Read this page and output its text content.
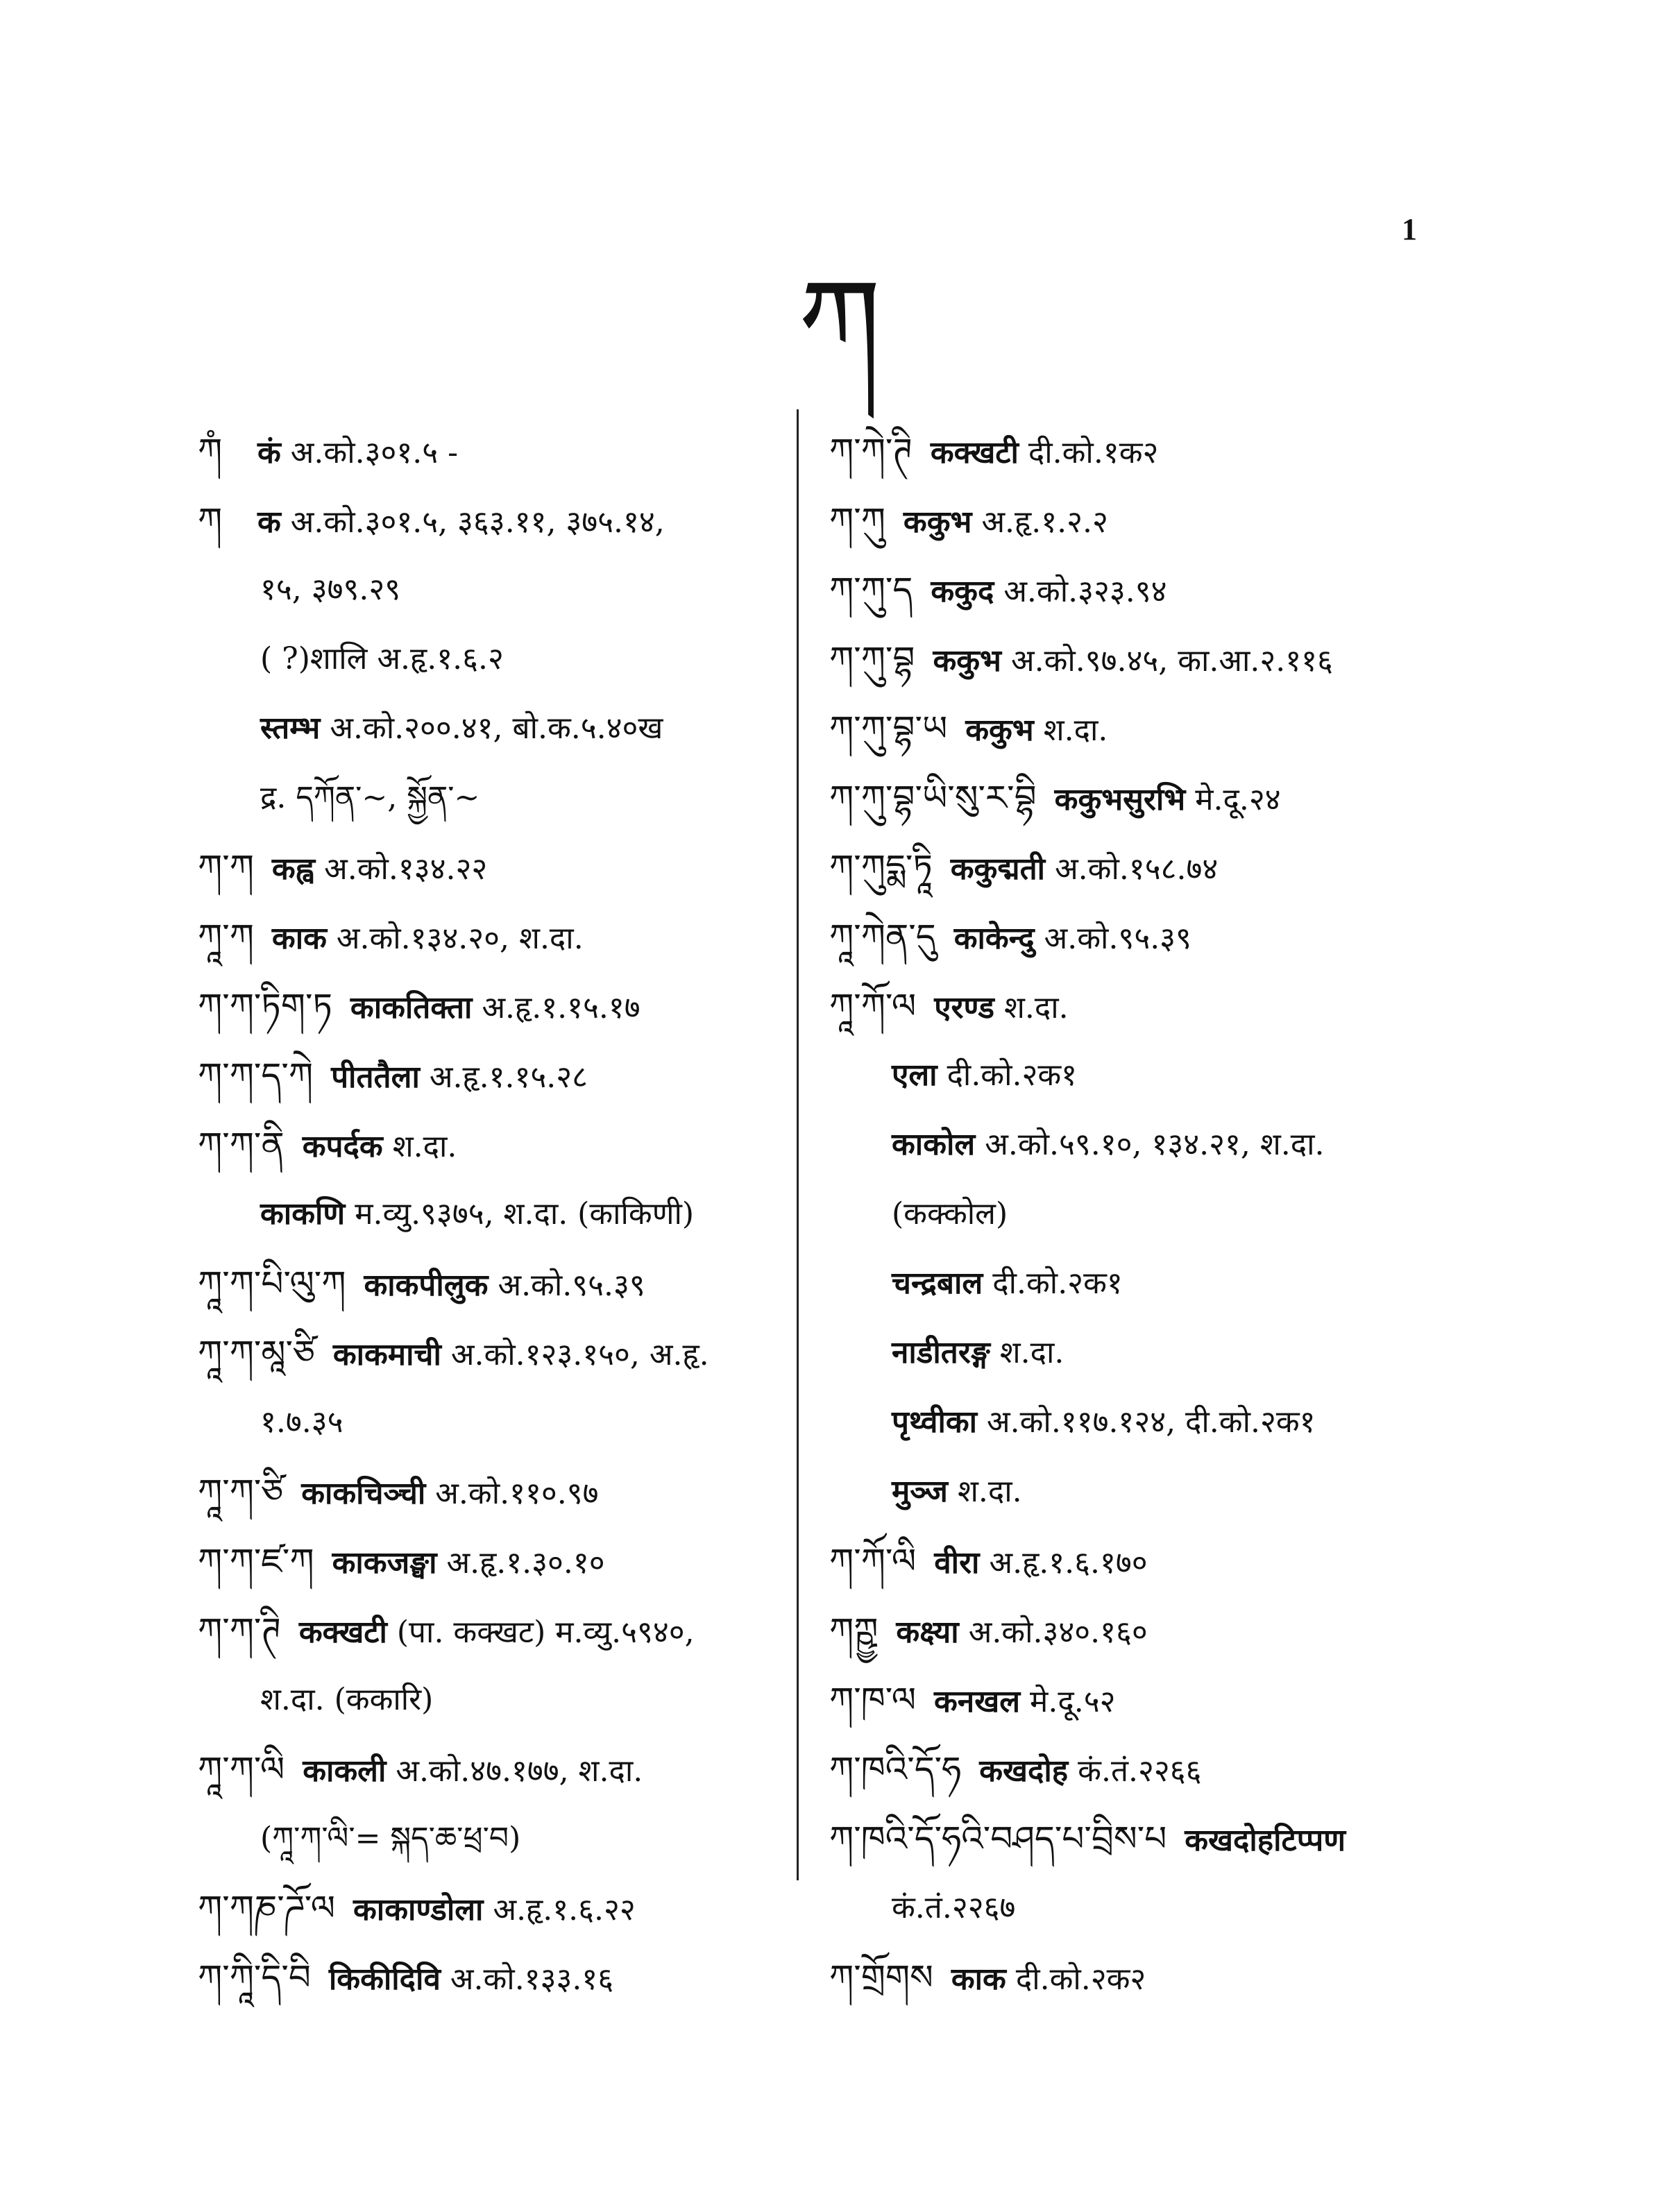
1
ཀ
ཀཾ कं अ.को.३०१.५ -
ཀ क अ.को.३०१.५, ३६३.११, ३७५.१४,
१५, ३७९.२९
( ?)शालि अ.हृ.१.६.२
स्तम्भ अ.को.२००.४१, बो.क.५.४०ख
द्र. དཀོན་~, སྐྱོན་~
ཀ་ཀ कह्व अ.को.१३४.२२
ཀཱ་ཀ काक अ.को.१३४.२०, श.दा.
ཀ་ཀ་ཏིག་ཏ काकतिक्ता अ.हृ.१.१५.१७
ཀ་ཀ་ད་ཀེ पीततैला अ.हृ.१.१५.२८
ཀ་ཀ་ནི कपर्दक श.दा.
काकणि म.व्यु.९३७५, श.दा. (काकिणी)
ཀཱ་ཀ་པི་ལུ་ཀ काकपीलुक अ.को.९५.३९
ཀཱ་ཀ་མཱ་ཙི काकमाची अ.को.१२३.१५०, अ.हृ.
१.७.३५
ཀཱ་ཀ་ཙི काकचिञ्ची अ.को.११०.९७
ཀ་ཀ་ཛ་ཀ काकजङ्घा अ.हृ.१.३०.१०
ཀ་ཀ་ཊི कक्खटी (पा. कक्खट) म.व्यु.५९४०,
श.दा. (ककारि)
ཀཱ་ཀ་ལི काकली अ.को.४७.१७७, श.दा.
(ཀཱ་ཀ་ལི་= སྐད་ཆ་ཕྲ་བ)
ཀ་ཀཎ་ཌོ་ལ काकाण्डोला अ.हृ.१.६.२२
ཀ་ཀཱི་དི་བི किकीदिवि अ.को.१३३.१६
ཀ་ཀེ་ཊི कक्खटी दी.को.१क२
ཀ་ཀུ ककुभ अ.हृ.१.२.२
ཀ་ཀུ་ད ककुद अ.को.३२३.९४
ཀ་ཀུ་བྷ ककुभ अ.को.९७.४५, का.आ.२.११६
ཀ་ཀུ་བྷ་ཡ ककुभ श.दा.
ཀ་ཀུ་བྷ་ཡི་སུ་ར་བྷི ककुभसुरभि मे.दू.२४
ཀ་ཀུདྨ་ཏཱི ककुद्मती अ.को.१५८.७४
ཀཱ་ཀེན་དུ काकेन्दु अ.को.९५.३९
ཀཱ་ཀོ་ལ एरण्ड श.दा.
एला दी.को.२क१
काकोल अ.को.५९.१०, १३४.२१, श.दा.
(कक्कोल)
चन्द्रबाल दी.को.२क१
नाडीतरङ्ग श.दा.
पृथ्वीका अ.को.११७.१२४, दी.को.२क१
मुञ्ज श.दा.
ཀ་ཀོ་ལི वीरा अ.हृ.१.६.१७०
ཀཀྵྱ कक्ष्या अ.को.३४०.१६०
ཀ་ཁ་ལ कनखल मे.दू.५२
ཀ་ཁའི་དོ་ཧ कखदोह कं.तं.२२६६
ཀ་ཁའི་དོ་ཧའི་བཤད་པ་བྲིས་པ कखदोहटिप्पण
कं.तं.२२६७
ཀ་གྲོགས काक दी.को.२क२
